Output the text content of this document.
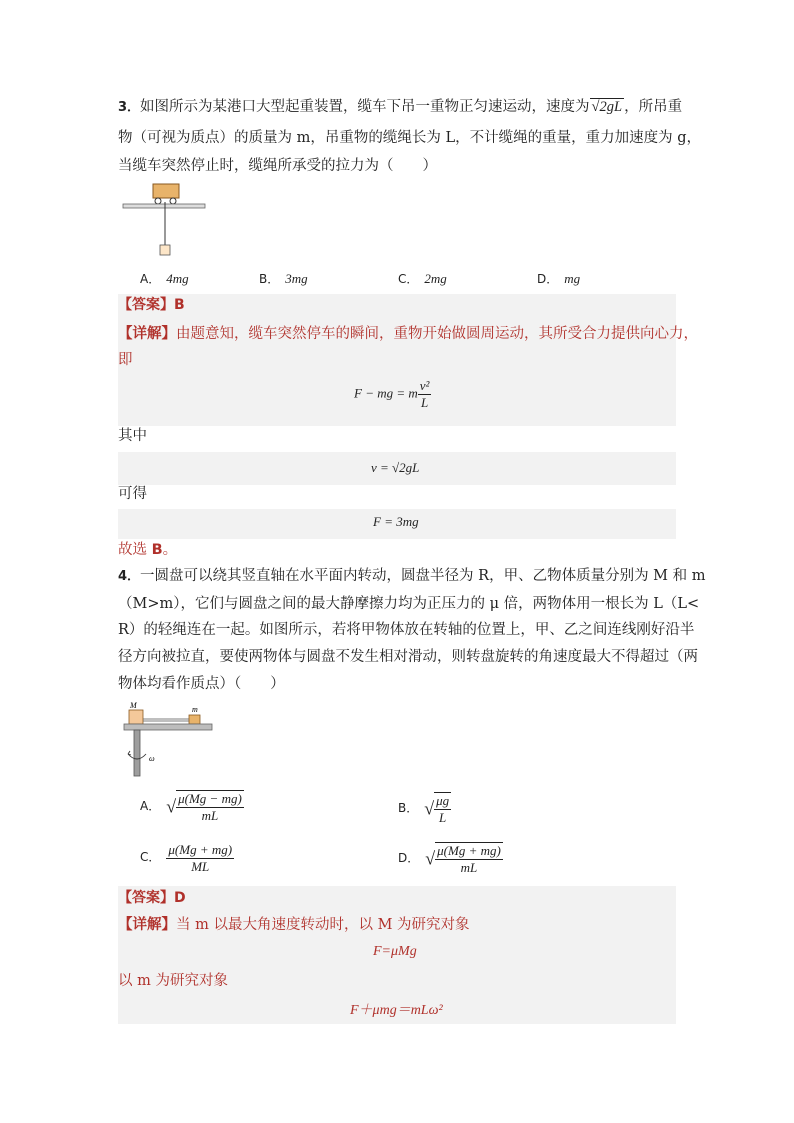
3．如图所示为某港口大型起重装置，缆车下吊一重物正匀速运动，速度为 √2gL ，所吊重
物（可视为质点）的质量为 m，吊重物的缆绳长为 L，不计缆绳的重量，重力加速度为 g，
当缆车突然停止时，缆绳所承受的拉力为（　　）
A． 4mg	B． 3mg	C． 2mg	D． mg
【答案】B
【详解】由题意知，缆车突然停车的瞬间，重物开始做圆周运动，其所受合力提供向心力，
即
F − mg = m $\frac{\text{v²}}{L}$
其中
v = √2gL
可得
F = 3mg
故选 B。
4．一圆盘可以绕其竖直轴在水平面内转动，圆盘半径为 R，甲、乙物体质量分别为 M 和 m
（M>m），它们与圆盘之间的最大静摩擦力均为正压力的 μ 倍，两物体用一根长为 L（L<
R）的轻绳连在一起。如图所示，若将甲物体放在转轴的位置上，甲、乙之间连线刚好沿半
径方向被拉直，要使两物体与圆盘不发生相对滑动，则转盘旋转的角速度最大不得超过（两
物体均看作质点）（　　）
M	m
ω
A． √ $\frac{\mu(Mg - mg)}{mL}$	B． √ $\frac{\mu g}{L}$
C． $\frac{\mu(Mg + mg)}{ML}$	D． √ $\frac{\mu(Mg + mg)}{mL}$
【答案】D
【详解】当 m 以最大角速度转动时，以 M 为研究对象
F=μMg
以 m 为研究对象
F＋μmg＝mLω²
